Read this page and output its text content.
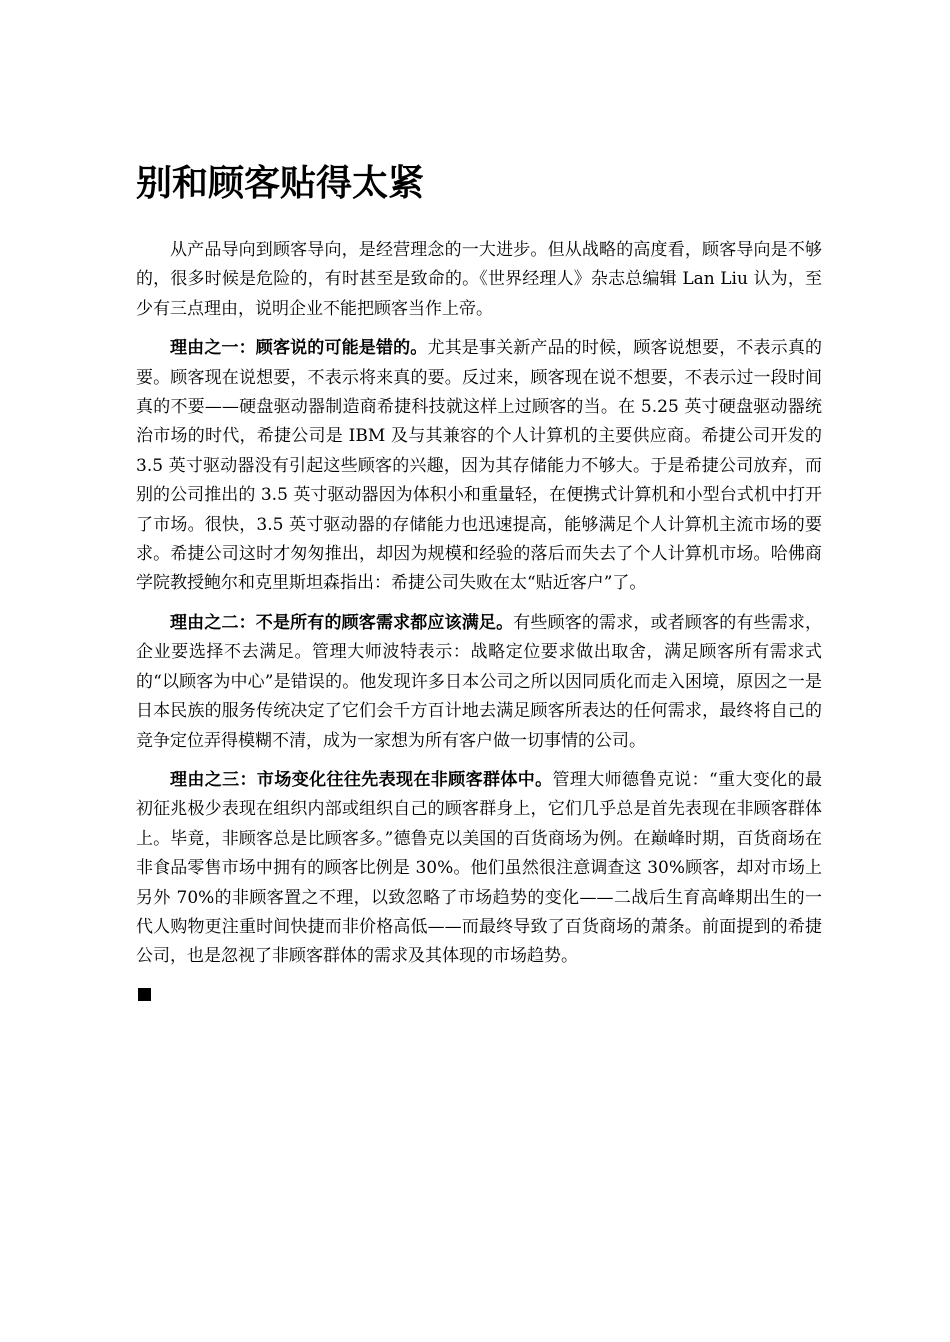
别和顾客贴得太紧

从产品导向到顾客导向，是经营理念的一大进步。但从战略的高度看，顾客导向是不够的，很多时候是危险的，有时甚至是致命的。《世界经理人》杂志总编辑 Lan Liu 认为，至少有三点理由，说明企业不能把顾客当作上帝。

理由之一：顾客说的可能是错的。尤其是事关新产品的时候，顾客说想要，不表示真的要。顾客现在说想要，不表示将来真的要。反过来，顾客现在说不想要，不表示过一段时间真的不要——硬盘驱动器制造商希捷科技就这样上过顾客的当。在 5.25 英寸硬盘驱动器统治市场的时代，希捷公司是 IBM 及与其兼容的个人计算机的主要供应商。希捷公司开发的 3.5 英寸驱动器没有引起这些顾客的兴趣，因为其存储能力不够大。于是希捷公司放弃，而别的公司推出的 3.5 英寸驱动器因为体积小和重量轻，在便携式计算机和小型台式机中打开了市场。很快，3.5 英寸驱动器的存储能力也迅速提高，能够满足个人计算机主流市场的要求。希捷公司这时才匆匆推出，却因为规模和经验的落后而失去了个人计算机市场。哈佛商学院教授鲍尔和克里斯坦森指出：希捷公司失败在太“贴近客户”了。

理由之二：不是所有的顾客需求都应该满足。有些顾客的需求，或者顾客的有些需求，企业要选择不去满足。管理大师波特表示：战略定位要求做出取舍，满足顾客所有需求式的“以顾客为中心”是错误的。他发现许多日本公司之所以因同质化而走入困境，原因之一是日本民族的服务传统决定了它们会千方百计地去满足顾客所表达的任何需求，最终将自己的竞争定位弄得模糊不清，成为一家想为所有客户做一切事情的公司。

理由之三：市场变化往往先表现在非顾客群体中。管理大师德鲁克说：“重大变化的最初征兆极少表现在组织内部或组织自己的顾客群身上，它们几乎总是首先表现在非顾客群体上。毕竟，非顾客总是比顾客多。”德鲁克以美国的百货商场为例。在巅峰时期，百货商场在非食品零售市场中拥有的顾客比例是 30%。他们虽然很注意调查这 30%顾客，却对市场上另外 70%的非顾客置之不理，以致忽略了市场趋势的变化——二战后生育高峰期出生的一代人购物更注重时间快捷而非价格高低——而最终导致了百货商场的萧条。前面提到的希捷公司，也是忽视了非顾客群体的需求及其体现的市场趋势。
